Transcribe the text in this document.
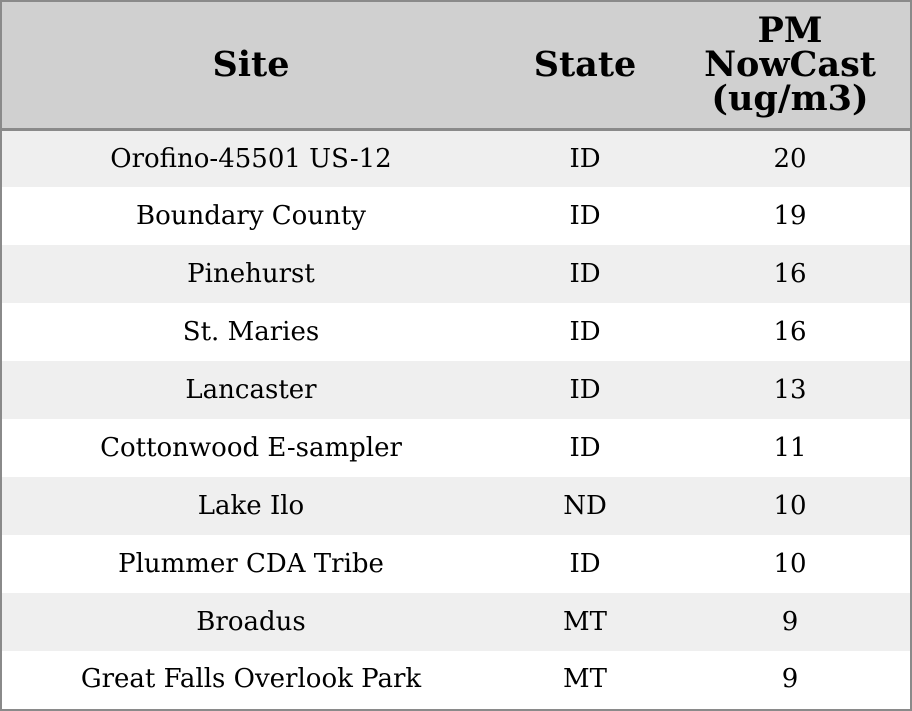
Site	State	PM
NowCast
(ug/m3)
Orofino-45501 US-12	ID	20
Boundary County	ID	19
Pinehurst	ID	16
St. Maries	ID	16
Lancaster	ID	13
Cottonwood E-sampler	ID	11
Lake Ilo	ND	10
Plummer CDA Tribe	ID	10
Broadus	MT	9
Great Falls Overlook Park	MT	9
